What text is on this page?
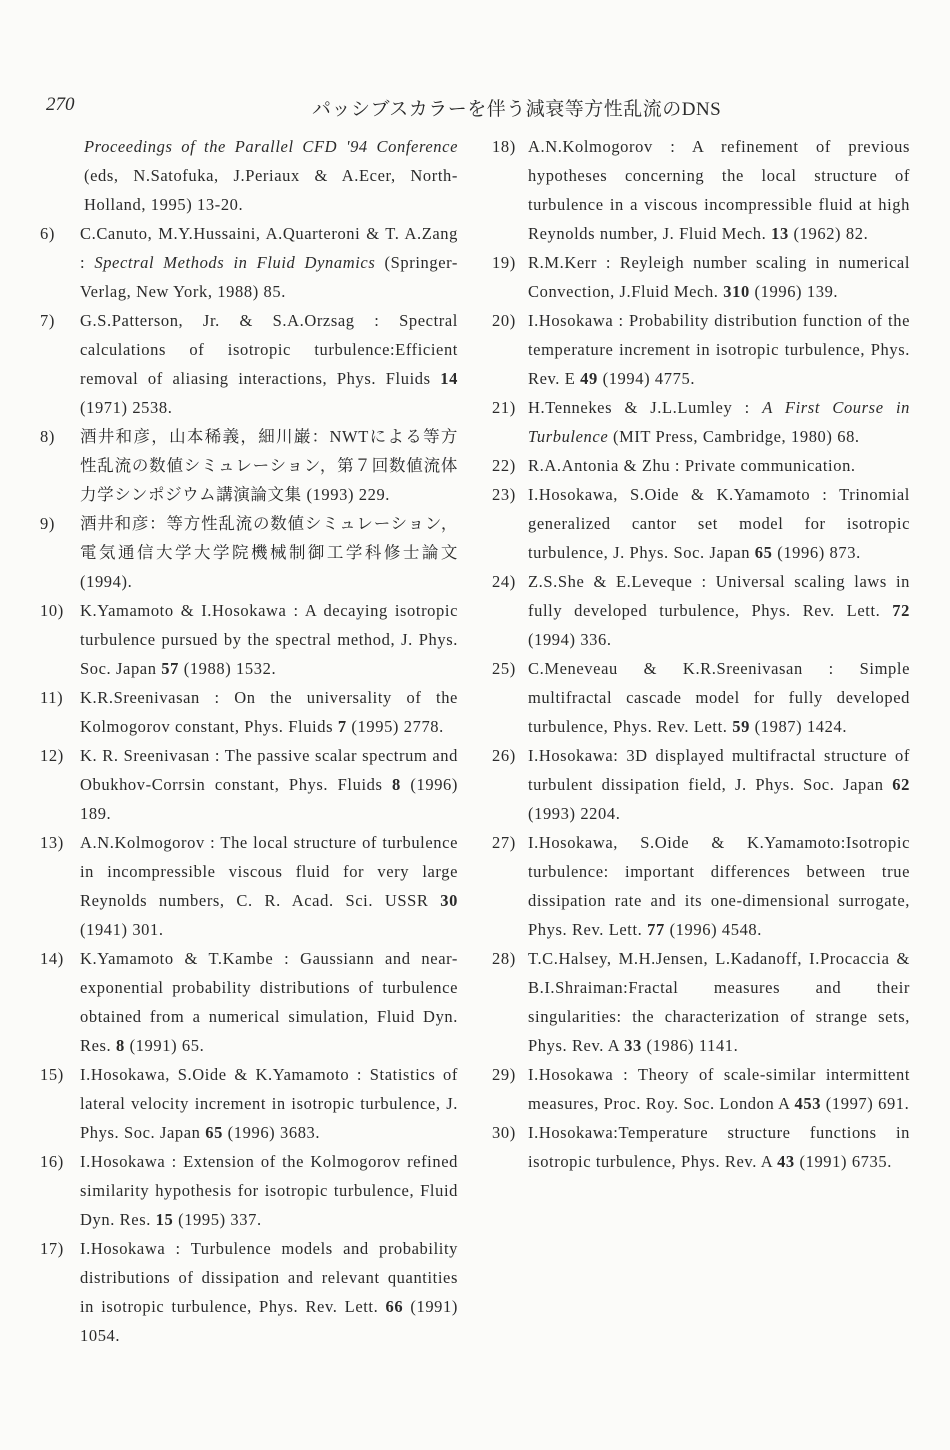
270	パッシブスカラーを伴う減衰等方性乱流のDNS
Proceedings of the Parallel CFD '94 Conference (eds, N.Satofuka, J.Periaux & A.Ecer, North-Holland, 1995) 13-20.
6) C.Canuto, M.Y.Hussaini, A.Quarteroni & T. A.Zang : Spectral Methods in Fluid Dynamics (Springer-Verlag, New York, 1988) 85.
7) G.S.Patterson, Jr. & S.A.Orzsag : Spectral calculations of isotropic turbulence:Efficient removal of aliasing interactions, Phys. Fluids 14 (1971) 2538.
8) 酒井和彦，山本稀義，細川巌：NWTによる等方性乱流の数値シミュレーション，第７回数値流体力学シンポジウム講演論文集 (1993) 229.
9) 酒井和彦：等方性乱流の数値シミュレーション，電気通信大学大学院機械制御工学科修士論文 (1994).
10) K.Yamamoto & I.Hosokawa : A decaying isotropic turbulence pursued by the spectral method, J. Phys. Soc. Japan 57 (1988) 1532.
11) K.R.Sreenivasan : On the universality of the Kolmogorov constant, Phys. Fluids 7 (1995) 2778.
12) K. R. Sreenivasan : The passive scalar spectrum and Obukhov-Corrsin constant, Phys. Fluids 8 (1996) 189.
13) A.N.Kolmogorov : The local structure of turbulence in incompressible viscous fluid for very large Reynolds numbers, C. R. Acad. Sci. USSR 30 (1941) 301.
14) K.Yamamoto & T.Kambe : Gaussiann and near-exponential probability distributions of turbulence obtained from a numerical simulation, Fluid Dyn. Res. 8 (1991) 65.
15) I.Hosokawa, S.Oide & K.Yamamoto : Statistics of lateral velocity increment in isotropic turbulence, J. Phys. Soc. Japan 65 (1996) 3683.
16) I.Hosokawa : Extension of the Kolmogorov refined similarity hypothesis for isotropic turbulence, Fluid Dyn. Res. 15 (1995) 337.
17) I.Hosokawa : Turbulence models and probability distributions of dissipation and relevant quantities in isotropic turbulence, Phys. Rev. Lett. 66 (1991) 1054.
18) A.N.Kolmogorov : A refinement of previous hypotheses concerning the local structure of turbulence in a viscous incompressible fluid at high Reynolds number, J. Fluid Mech. 13 (1962) 82.
19) R.M.Kerr : Reyleigh number scaling in numerical Convection, J.Fluid Mech. 310 (1996) 139.
20) I.Hosokawa : Probability distribution function of the temperature increment in isotropic turbulence, Phys. Rev. E 49 (1994) 4775.
21) H.Tennekes & J.L.Lumley : A First Course in Turbulence (MIT Press, Cambridge, 1980) 68.
22) R.A.Antonia & Zhu : Private communication.
23) I.Hosokawa, S.Oide & K.Yamamoto : Trinomial generalized cantor set model for isotropic turbulence, J. Phys. Soc. Japan 65 (1996) 873.
24) Z.S.She & E.Leveque : Universal scaling laws in fully developed turbulence, Phys. Rev. Lett. 72 (1994) 336.
25) C.Meneveau & K.R.Sreenivasan : Simple multifractal cascade model for fully developed turbulence, Phys. Rev. Lett. 59 (1987) 1424.
26) I.Hosokawa: 3D displayed multifractal structure of turbulent dissipation field, J. Phys. Soc. Japan 62 (1993) 2204.
27) I.Hosokawa, S.Oide & K.Yamamoto:Isotropic turbulence: important differences between true dissipation rate and its one-dimensional surrogate, Phys. Rev. Lett. 77 (1996) 4548.
28) T.C.Halsey, M.H.Jensen, L.Kadanoff, I.Procaccia & B.I.Shraiman:Fractal measures and their singularities: the characterization of strange sets, Phys. Rev. A 33 (1986) 1141.
29) I.Hosokawa : Theory of scale-similar intermittent measures, Proc. Roy. Soc. London A 453 (1997) 691.
30) I.Hosokawa:Temperature structure functions in isotropic turbulence, Phys. Rev. A 43 (1991) 6735.
